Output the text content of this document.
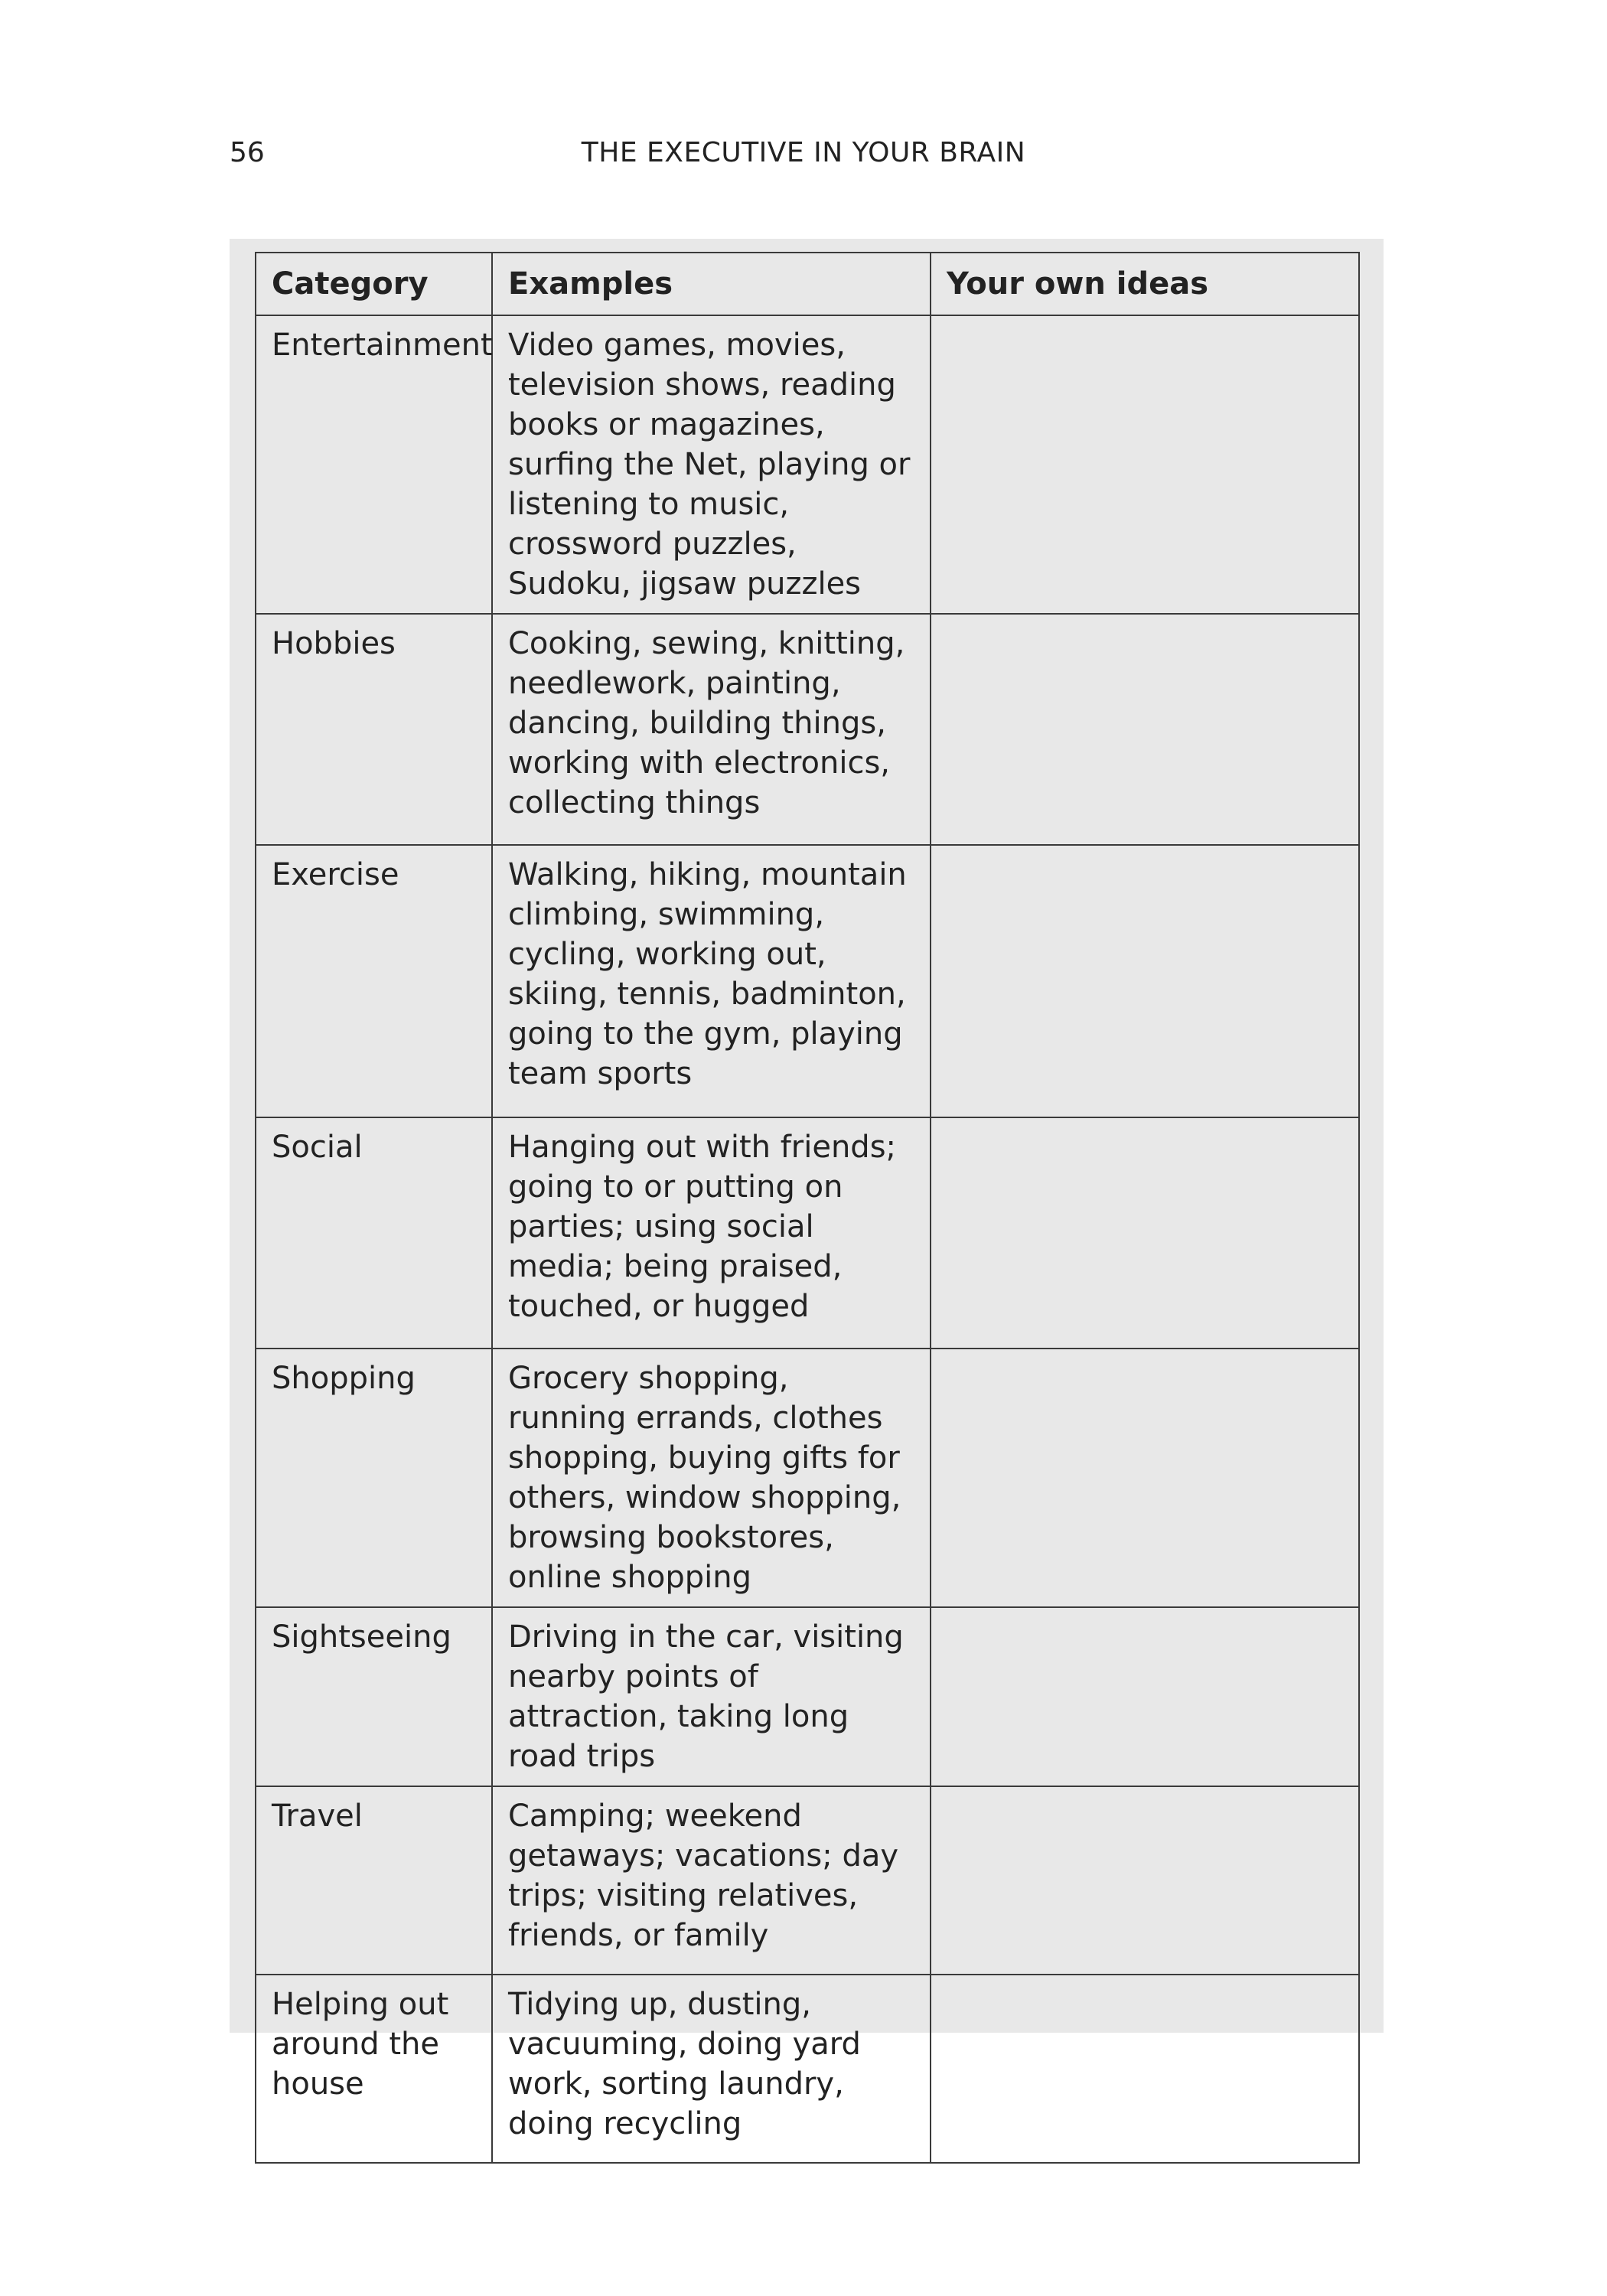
56	THE EXECUTIVE IN YOUR BRAIN
Category	Examples	Your own ideas
Entertainment	Video games, movies, television shows, reading books or magazines, surfing the Net, playing or listening to music, crossword puzzles, Sudoku, jigsaw puzzles	
Hobbies	Cooking, sewing, knitting, needlework, painting, dancing, building things, working with electronics, collecting things	
Exercise	Walking, hiking, mountain climbing, swimming, cycling, working out, skiing, tennis, badminton, going to the gym, playing team sports	
Social	Hanging out with friends; going to or putting on parties; using social media; being praised, touched, or hugged	
Shopping	Grocery shopping, running errands, clothes shopping, buying gifts for others, window shopping, browsing bookstores, online shopping	
Sightseeing	Driving in the car, visiting nearby points of attraction, taking long road trips	
Travel	Camping; weekend getaways; vacations; day trips; visiting relatives, friends, or family	
Helping out around the house	Tidying up, dusting, vacuuming, doing yard work, sorting laundry, doing recycling	
